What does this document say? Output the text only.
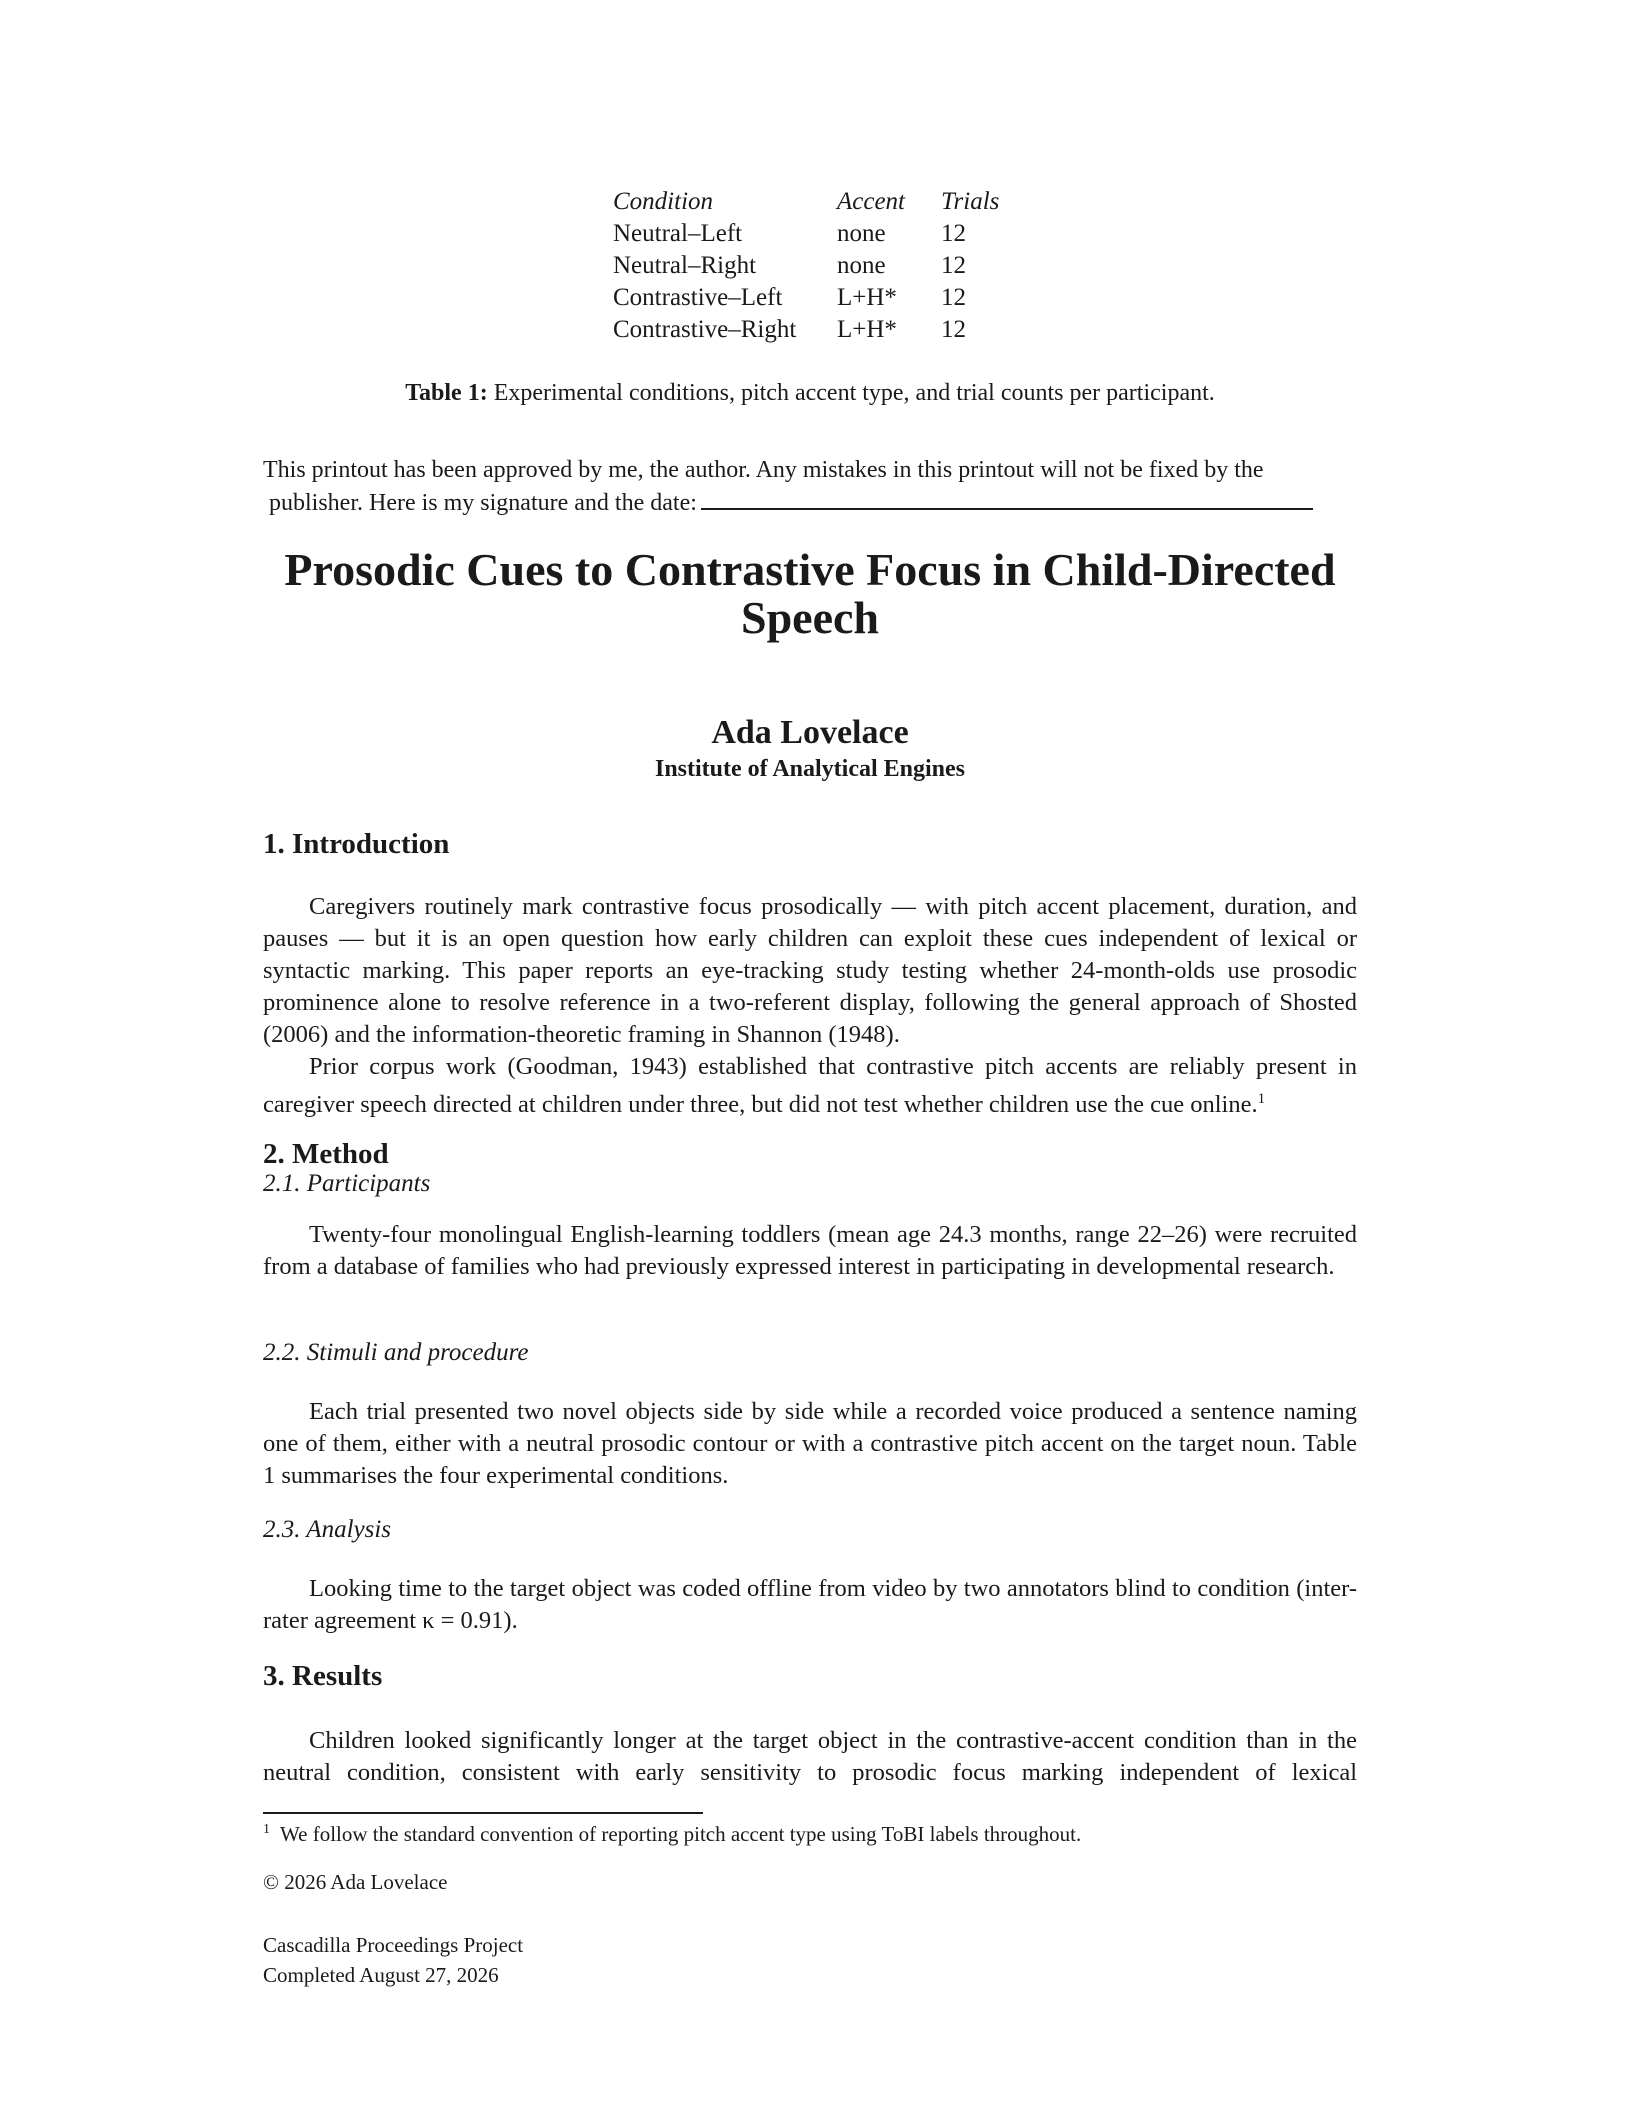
Condition	Accent	Trials
Neutral–Left	none	12
Neutral–Right	none	12
Contrastive–Left	L+H*	12
Contrastive–Right	L+H*	12
Table 1: Experimental conditions, pitch accent type, and trial counts per participant.
This printout has been approved by me, the author. Any mistakes in this printout will not be fixed by the
publisher. Here is my signature and the date:
Prosodic Cues to Contrastive Focus in Child-Directed Speech
Ada Lovelace
Institute of Analytical Engines
1. Introduction

Caregivers routinely mark contrastive focus prosodically — with pitch accent placement, duration, and pauses — but it is an open question how early children can exploit these cues independent of lexical or syntactic marking. This paper reports an eye-tracking study testing whether 24-month-olds use prosodic prominence alone to resolve reference in a two-referent display, following the general approach of Shosted (2006) and the information-theoretic framing in Shannon (1948).

Prior corpus work (Goodman, 1943) established that contrastive pitch accents are reliably present in caregiver speech directed at children under three, but did not test whether children use the cue online.$^1$

2. Method
2.1. Participants

Twenty-four monolingual English-learning toddlers (mean age 24.3 months, range 22–26) were recruited from a database of families who had previously expressed interest in participating in developmental research.

2.2. Stimuli and procedure

Each trial presented two novel objects side by side while a recorded voice produced a sentence naming one of them, either with a neutral prosodic contour or with a contrastive pitch accent on the target noun. Table 1 summarises the four experimental conditions.

2.3. Analysis

Looking time to the target object was coded offline from video by two annotators blind to condition (inter-rater agreement κ = 0.91).

3. Results

Children looked significantly longer at the target object in the contrastive-accent condition than in the neutral condition, consistent with early sensitivity to prosodic focus marking independent of lexical

$^1$ We follow the standard convention of reporting pitch accent type using ToBI labels throughout.
© 2026 Ada Lovelace
Cascadilla Proceedings Project
Completed August 27, 2026
